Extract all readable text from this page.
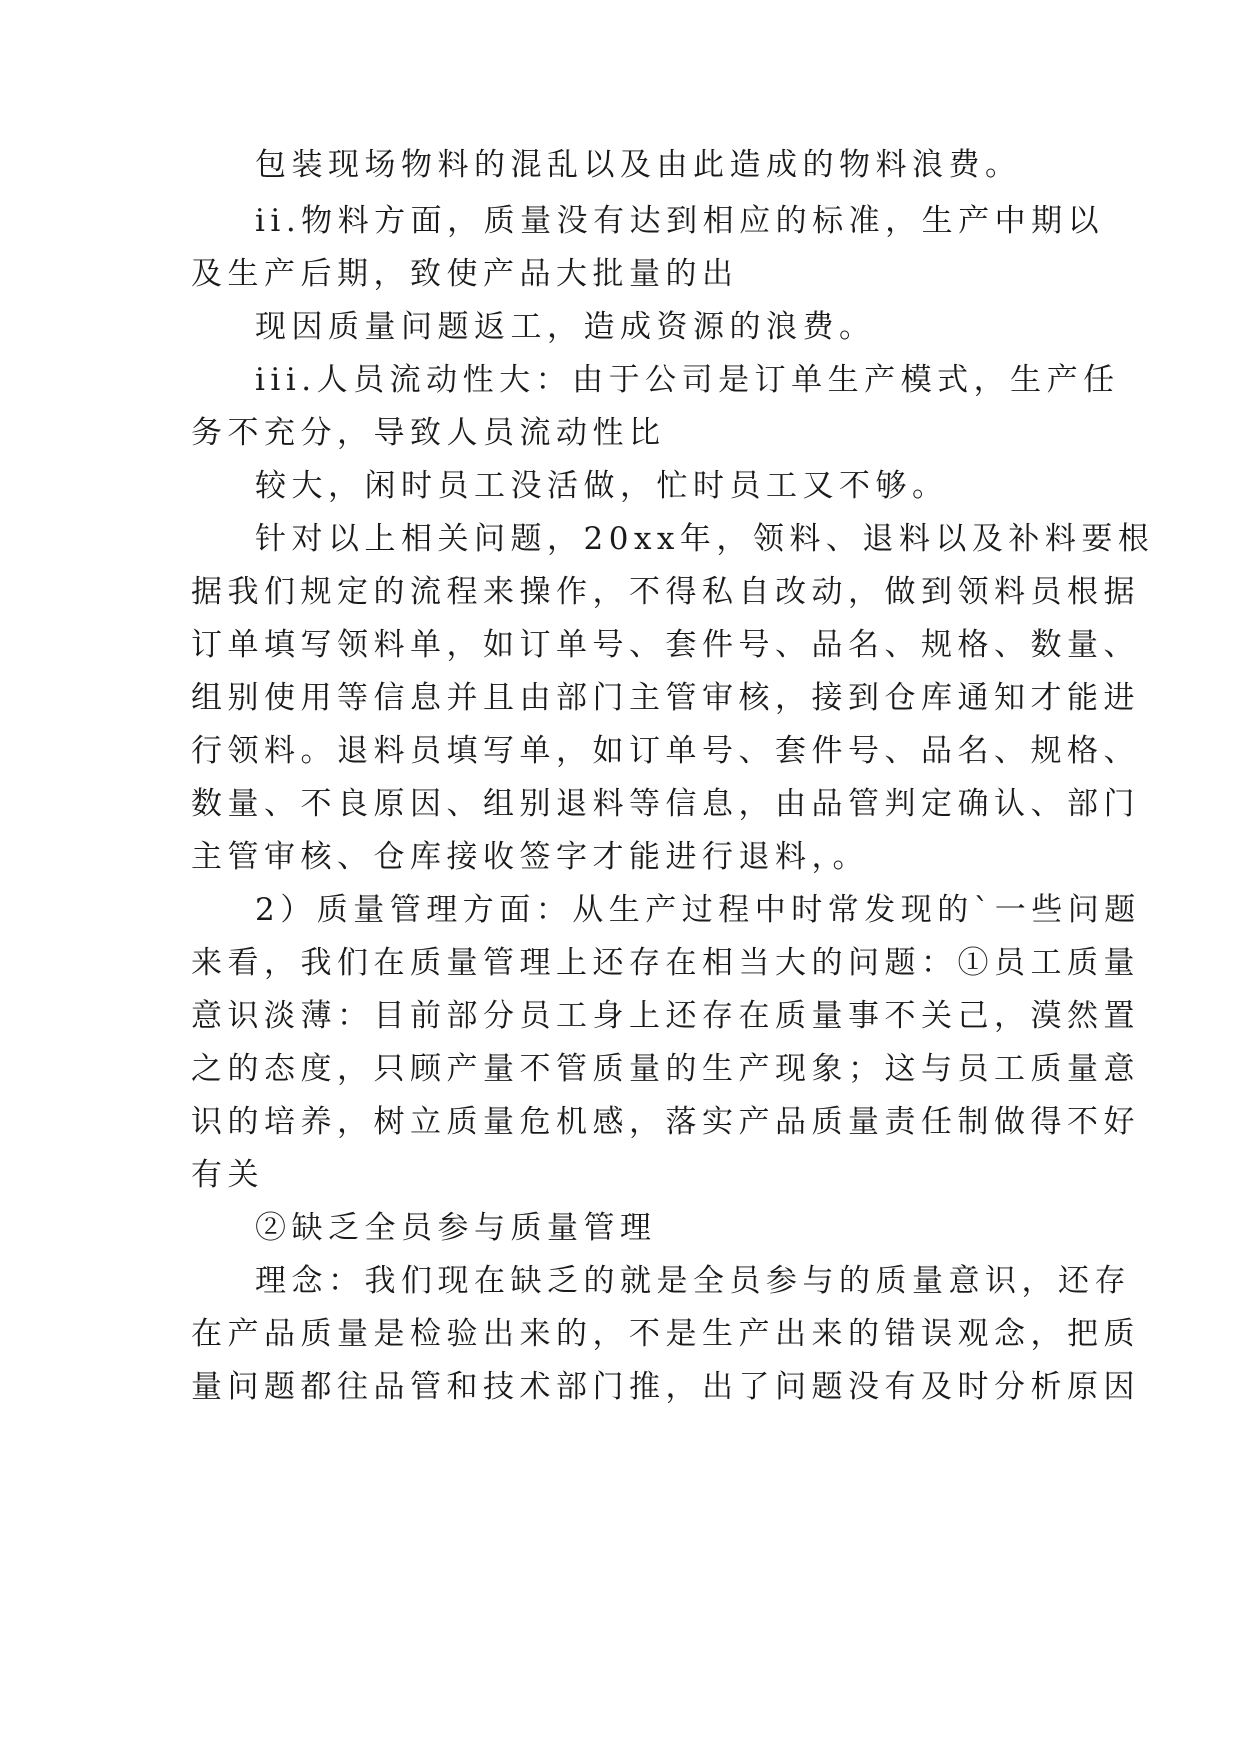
包装现场物料的混乱以及由此造成的物料浪费。
ii.物料方面，质量没有达到相应的标准，生产中期以
及生产后期，致使产品大批量的出
现因质量问题返工，造成资源的浪费。
iii.人员流动性大：由于公司是订单生产模式，生产任
务不充分，导致人员流动性比
较大，闲时员工没活做，忙时员工又不够。
针对以上相关问题，20xx年，领料、退料以及补料要根
据我们规定的流程来操作，不得私自改动，做到领料员根据
订单填写领料单，如订单号、套件号、品名、规格、数量、
组别使用等信息并且由部门主管审核，接到仓库通知才能进
行领料。退料员填写单，如订单号、套件号、品名、规格、
数量、不良原因、组别退料等信息，由品管判定确认、部门
主管审核、仓库接收签字才能进行退料，。
2）质量管理方面：从生产过程中时常发现的`一些问题
来看，我们在质量管理上还存在相当大的问题：①员工质量
意识淡薄：目前部分员工身上还存在质量事不关己，漠然置
之的态度，只顾产量不管质量的生产现象；这与员工质量意
识的培养，树立质量危机感，落实产品质量责任制做得不好
有关
②缺乏全员参与质量管理
理念：我们现在缺乏的就是全员参与的质量意识，还存
在产品质量是检验出来的，不是生产出来的错误观念，把质
量问题都往品管和技术部门推，出了问题没有及时分析原因
